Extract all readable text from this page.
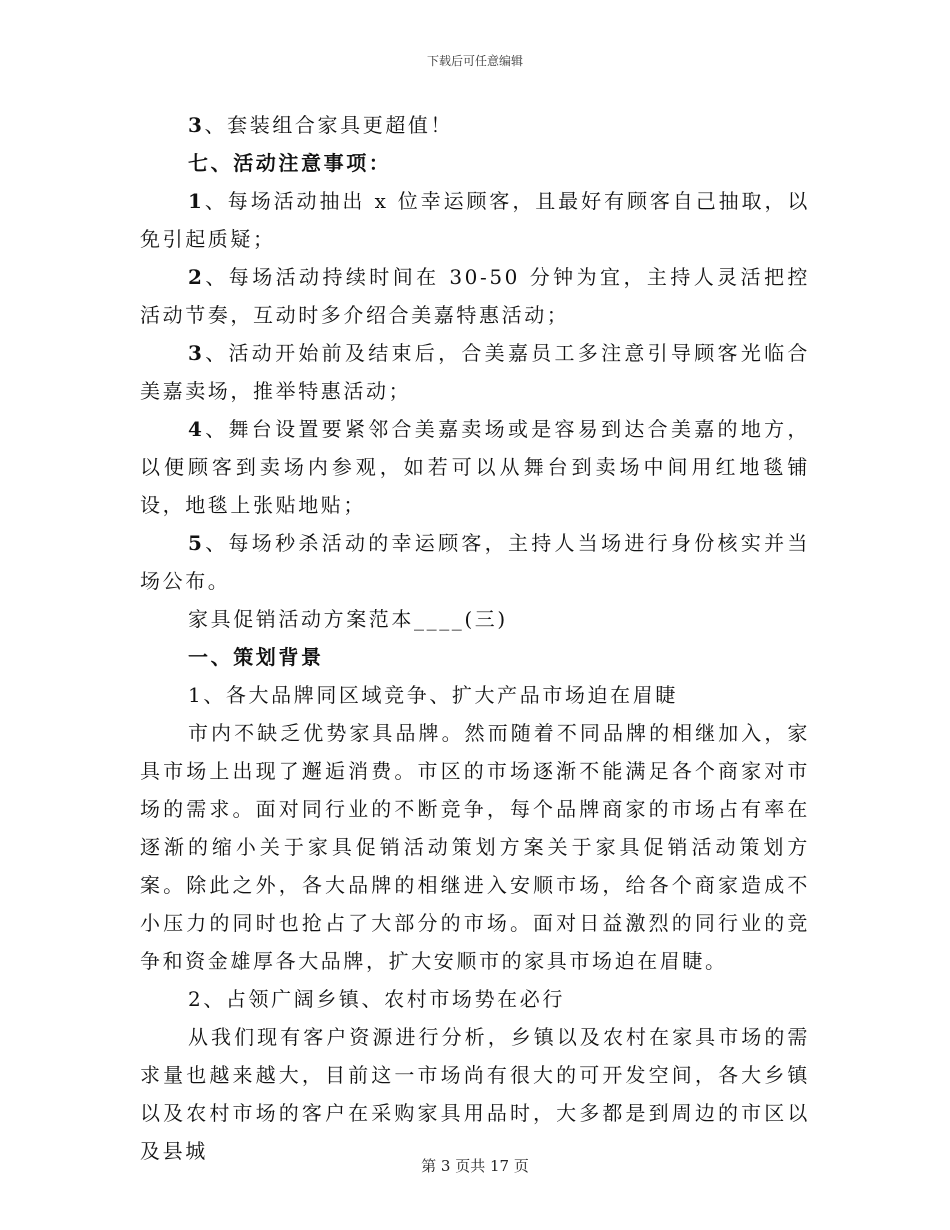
下载后可任意编辑

3、套装组合家具更超值！

七、活动注意事项：

1、每场活动抽出 x 位幸运顾客，且最好有顾客自己抽取，以免引起质疑；

2、每场活动持续时间在 30-50 分钟为宜，主持人灵活把控活动节奏，互动时多介绍合美嘉特惠活动；

3、活动开始前及结束后，合美嘉员工多注意引导顾客光临合美嘉卖场，推举特惠活动；

4、舞台设置要紧邻合美嘉卖场或是容易到达合美嘉的地方，以便顾客到卖场内参观，如若可以从舞台到卖场中间用红地毯铺设，地毯上张贴地贴；

5、每场秒杀活动的幸运顾客，主持人当场进行身份核实并当场公布。

家具促销活动方案范本____(三)

一、策划背景

1、各大品牌同区域竞争、扩大产品市场迫在眉睫

市内不缺乏优势家具品牌。然而随着不同品牌的相继加入，家具市场上出现了邂逅消费。市区的市场逐渐不能满足各个商家对市场的需求。面对同行业的不断竞争，每个品牌商家的市场占有率在逐渐的缩小关于家具促销活动策划方案关于家具促销活动策划方案。除此之外，各大品牌的相继进入安顺市场，给各个商家造成不小压力的同时也抢占了大部分的市场。面对日益激烈的同行业的竞争和资金雄厚各大品牌，扩大安顺市的家具市场迫在眉睫。

2、占领广阔乡镇、农村市场势在必行

从我们现有客户资源进行分析，乡镇以及农村在家具市场的需求量也越来越大，目前这一市场尚有很大的可开发空间，各大乡镇以及农村市场的客户在采购家具用品时，大多都是到周边的市区以及县城

第 3 页共 17 页
